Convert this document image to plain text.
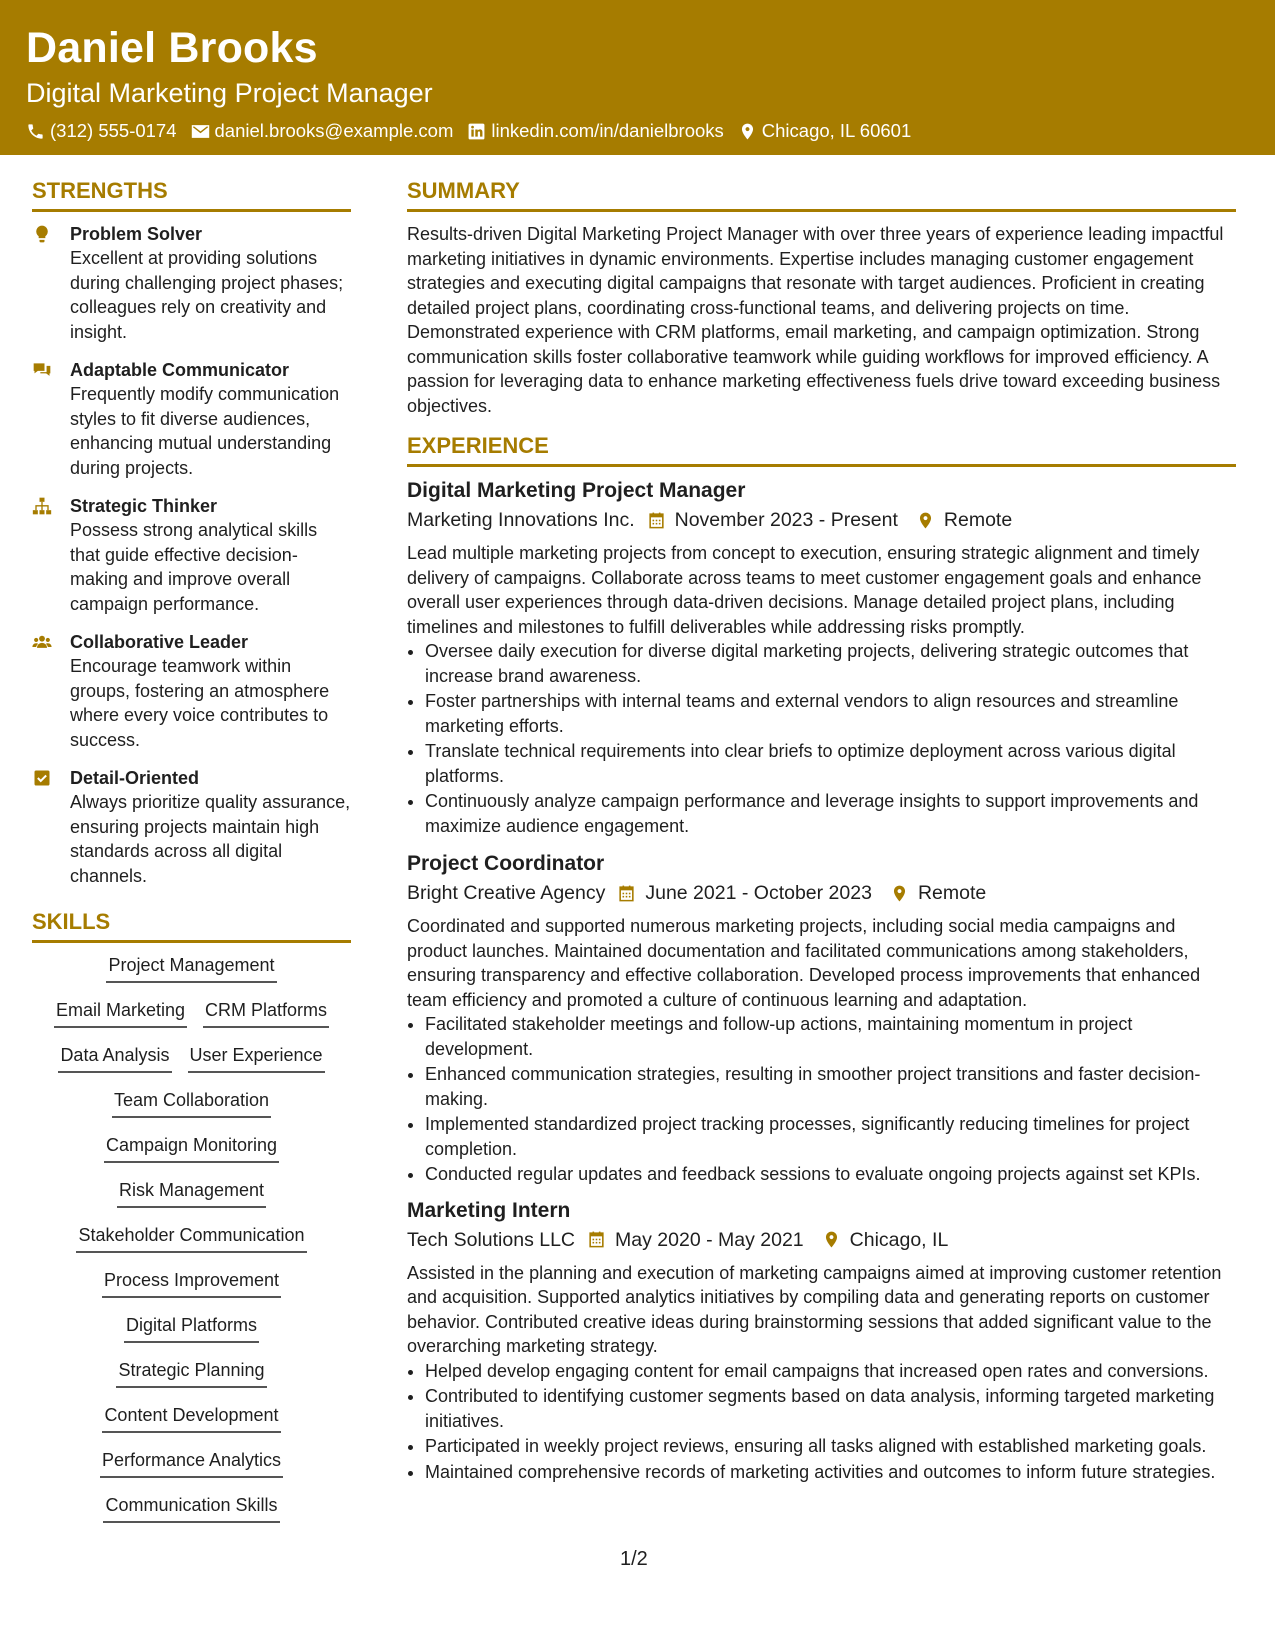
Daniel Brooks
Digital Marketing Project Manager
(312) 555-0174 daniel.brooks@example.com linkedin.com/in/danielbrooks Chicago, IL 60601
STRENGTHS
Problem Solver
Excellent at providing solutions during challenging project phases; colleagues rely on creativity and insight.
Adaptable Communicator
Frequently modify communication styles to fit diverse audiences, enhancing mutual understanding during projects.
Strategic Thinker
Possess strong analytical skills that guide effective decision-making and improve overall campaign performance.
Collaborative Leader
Encourage teamwork within groups, fostering an atmosphere where every voice contributes to success.
Detail-Oriented
Always prioritize quality assurance, ensuring projects maintain high standards across all digital channels.
SKILLS
Project Management
Email Marketing CRM Platforms
Data Analysis User Experience
Team Collaboration
Campaign Monitoring
Risk Management
Stakeholder Communication
Process Improvement
Digital Platforms
Strategic Planning
Content Development
Performance Analytics
Communication Skills
SUMMARY

Results-driven Digital Marketing Project Manager with over three years of experience leading impactful marketing initiatives in dynamic environments. Expertise includes managing customer engagement strategies and executing digital campaigns that resonate with target audiences. Proficient in creating detailed project plans, coordinating cross-functional teams, and delivering projects on time. Demonstrated experience with CRM platforms, email marketing, and campaign optimization. Strong communication skills foster collaborative teamwork while guiding workflows for improved efficiency. A passion for leveraging data to enhance marketing effectiveness fuels drive toward exceeding business objectives.

EXPERIENCE
Digital Marketing Project Manager
Marketing Innovations Inc. November 2023 - Present Remote

Lead multiple marketing projects from concept to execution, ensuring strategic alignment and timely delivery of campaigns. Collaborate across teams to meet customer engagement goals and enhance overall user experiences through data-driven decisions. Manage detailed project plans, including timelines and milestones to fulfill deliverables while addressing risks promptly.

• Oversee daily execution for diverse digital marketing projects, delivering strategic outcomes that increase brand awareness.
• Foster partnerships with internal teams and external vendors to align resources and streamline marketing efforts.
• Translate technical requirements into clear briefs to optimize deployment across various digital platforms.
• Continuously analyze campaign performance and leverage insights to support improvements and maximize audience engagement.
Project Coordinator
Bright Creative Agency June 2021 - October 2023 Remote

Coordinated and supported numerous marketing projects, including social media campaigns and product launches. Maintained documentation and facilitated communications among stakeholders, ensuring transparency and effective collaboration. Developed process improvements that enhanced team efficiency and promoted a culture of continuous learning and adaptation.

• Facilitated stakeholder meetings and follow-up actions, maintaining momentum in project development.
• Enhanced communication strategies, resulting in smoother project transitions and faster decision-making.
• Implemented standardized project tracking processes, significantly reducing timelines for project completion.
• Conducted regular updates and feedback sessions to evaluate ongoing projects against set KPIs.
Marketing Intern
Tech Solutions LLC May 2020 - May 2021 Chicago, IL

Assisted in the planning and execution of marketing campaigns aimed at improving customer retention and acquisition. Supported analytics initiatives by compiling data and generating reports on customer behavior. Contributed creative ideas during brainstorming sessions that added significant value to the overarching marketing strategy.

• Helped develop engaging content for email campaigns that increased open rates and conversions.
• Contributed to identifying customer segments based on data analysis, informing targeted marketing initiatives.
• Participated in weekly project reviews, ensuring all tasks aligned with established marketing goals.
• Maintained comprehensive records of marketing activities and outcomes to inform future strategies.
1/2
